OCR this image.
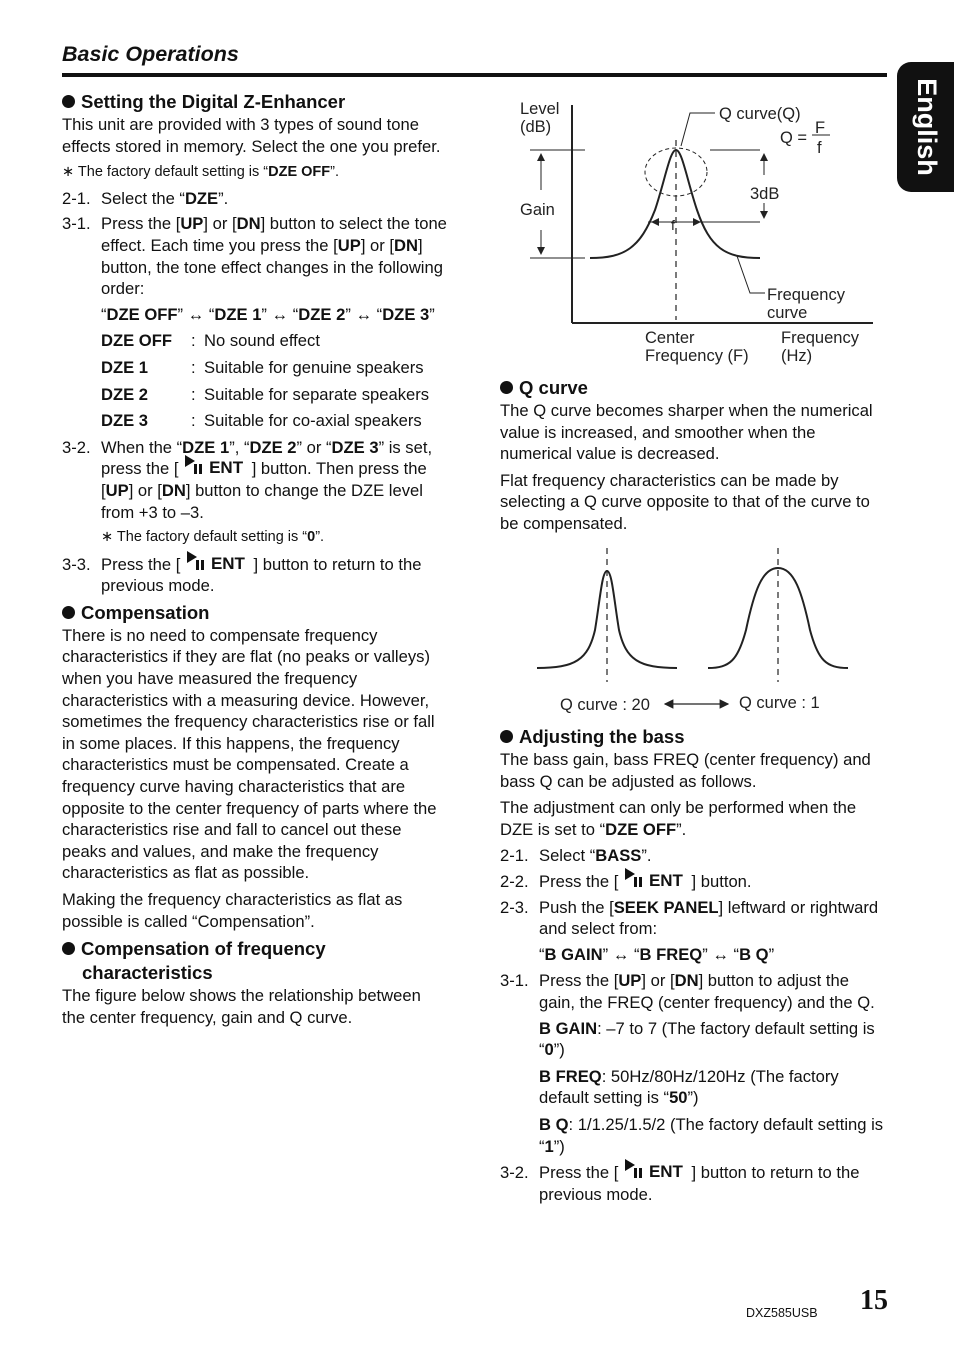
Basic Operations
English
Setting the Digital Z-Enhancer

This unit are provided with 3 types of sound tone effects stored in memory. Select the one you prefer.

∗ The factory default setting is “DZE OFF”.
2-1. Select the “DZE”.
3-1. Press the [UP] or [DN] button to select the tone effect. Each time you press the [UP] or [DN] button, the tone effect changes in the following order:
“DZE OFF” ↔ “DZE 1” ↔ “DZE 2” ↔ “DZE 3”
DZE OFF	: No sound effect
DZE 1	: Suitable for genuine speakers
DZE 2	: Suitable for separate speakers
DZE 3	: Suitable for co-axial speakers
3-2. When the “DZE 1”, “DZE 2” or “DZE 3” is set, press the [ ENT ] button. Then press the [UP] or [DN] button to change the DZE level from +3 to –3.
∗ The factory default setting is “0”.
3-3. Press the [ ENT ] button to return to the previous mode.
Compensation

There is no need to compensate frequency characteristics if they are flat (no peaks or valleys) when you have measured the frequency characteristics with a measuring device. However, sometimes the frequency characteristics rise or fall in some places. If this happens, the frequency characteristics must be compensated. Create a frequency curve having characteristics that are opposite to the center frequency of parts where the characteristics rise and fall to cancel out these peaks and values, and make the frequency characteristics as flat as possible.

Making the frequency characteristics as flat as possible is called “Compensation”.

Compensation of frequency characteristics

The figure below shows the relationship between the center frequency, gain and Q curve.

Level
(dB)
Gain
Q curve(Q)
Q =
F
f
3dB
f
Frequency
curve
Center
Frequency (F)
Frequency
(Hz)
Q curve

The Q curve becomes sharper when the numerical value is increased, and smoother when the numerical value is decreased.

Flat frequency characteristics can be made by selecting a Q curve opposite to that of the curve to be compensated.

Q curve : 20	Q curve : 1
Adjusting the bass

The bass gain, bass FREQ (center frequency) and bass Q can be adjusted as follows.

The adjustment can only be performed when the DZE is set to “DZE OFF”.

2-1. Select “BASS”.
2-2. Press the [ ENT ] button.
2-3. Push the [SEEK PANEL] leftward or rightward and select from:
“B GAIN” ↔ “B FREQ” ↔ “B Q”
3-1. Press the [UP] or [DN] button to adjust the gain, the FREQ (center frequency) and the Q.
B GAIN: –7 to 7 (The factory default setting is “0”)
B FREQ: 50Hz/80Hz/120Hz (The factory default setting is “50”)
B Q: 1/1.25/1.5/2 (The factory default setting is “1”)
3-2. Press the [ ENT ] button to return to the previous mode.
DXZ585USB 15
